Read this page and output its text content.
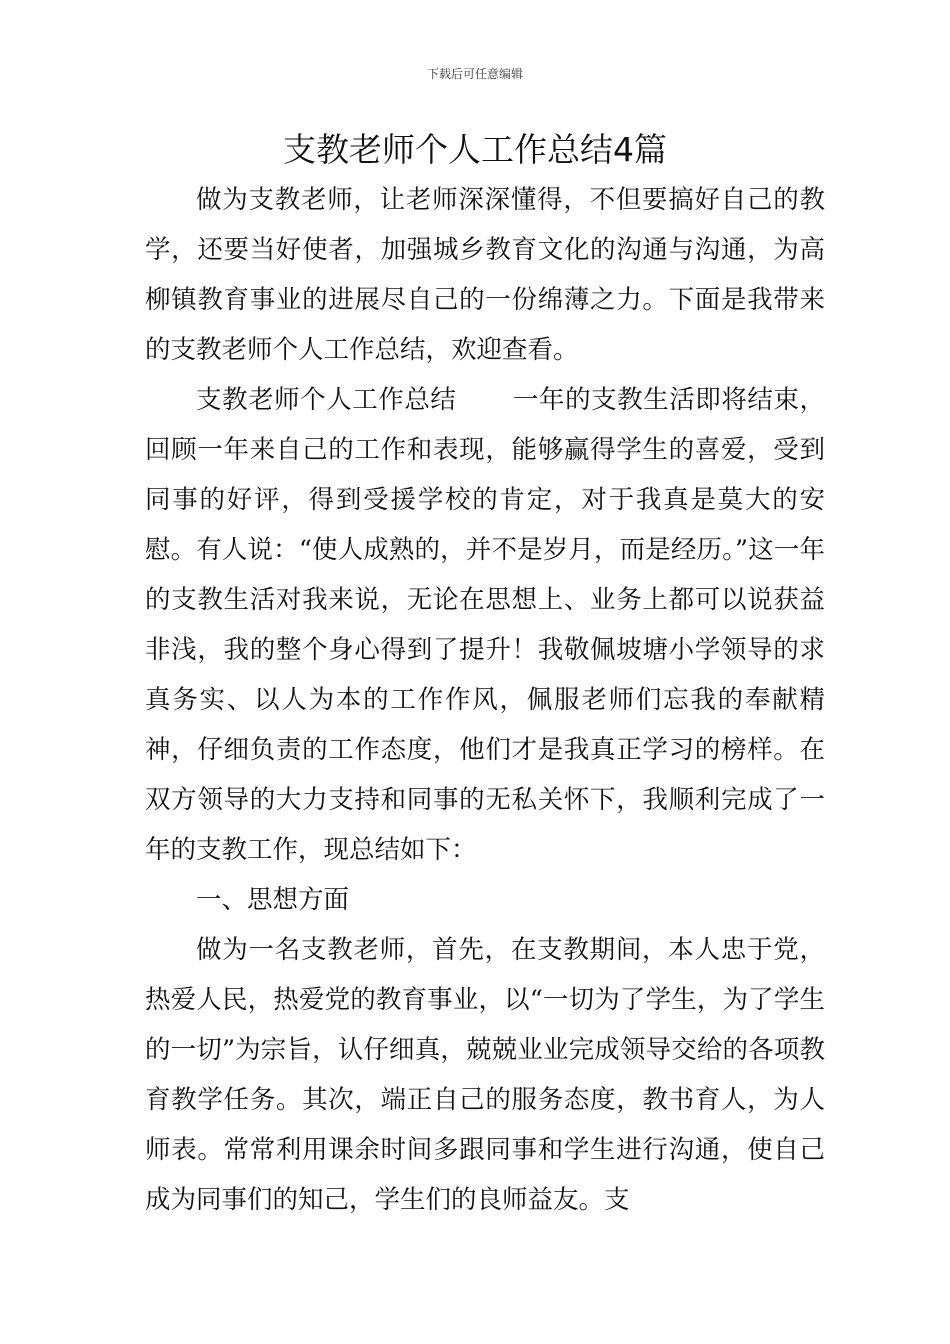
下载后可任意编辑
支教老师个人工作总结4篇

做为支教老师，让老师深深懂得，不但要搞好自己的教学，还要当好使者，加强城乡教育文化的沟通与沟通，为高柳镇教育事业的进展尽自己的一份绵薄之力。下面是我带来的支教老师个人工作总结，欢迎查看。

支教老师个人工作总结 一年的支教生活即将结束，回顾一年来自己的工作和表现，能够赢得学生的喜爱，受到同事的好评，得到受援学校的肯定，对于我真是莫大的安慰。有人说：“使人成熟的，并不是岁月，而是经历。”这一年的支教生活对我来说，无论在思想上、业务上都可以说获益非浅，我的整个身心得到了提升！我敬佩坡塘小学领导的求真务实、以人为本的工作作风，佩服老师们忘我的奉献精神，仔细负责的工作态度，他们才是我真正学习的榜样。在双方领导的大力支持和同事的无私关怀下，我顺利完成了一年的支教工作，现总结如下：

一、思想方面

做为一名支教老师，首先，在支教期间，本人忠于党，热爱人民，热爱党的教育事业，以“一切为了学生，为了学生的一切”为宗旨，认仔细真，兢兢业业完成领导交给的各项教育教学任务。其次，端正自己的服务态度，教书育人，为人师表。常常利用课余时间多跟同事和学生进行沟通，使自己成为同事们的知己，学生们的良师益友。支
